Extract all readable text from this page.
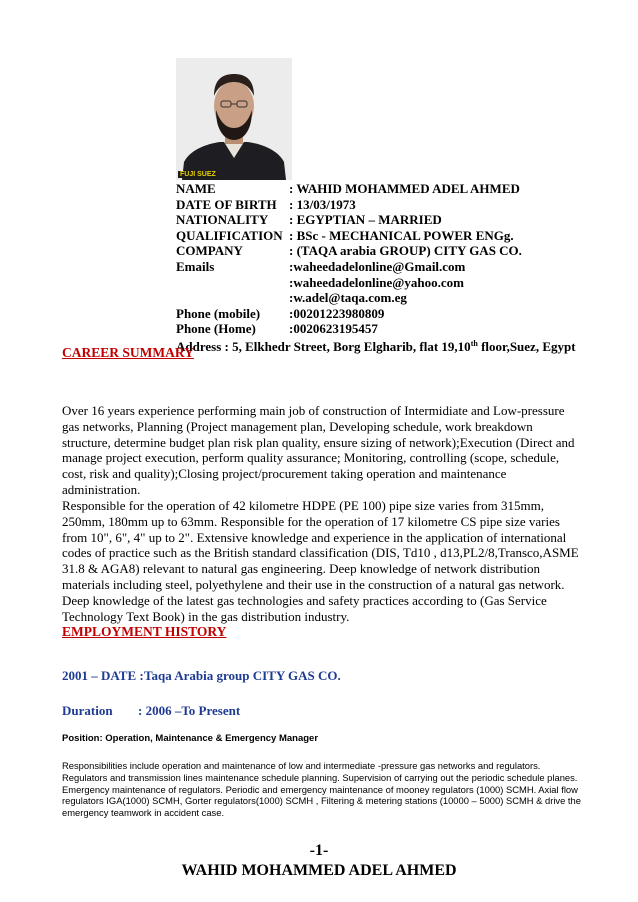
FUJI SUEZ
NAME	: WAHID MOHAMMED ADEL AHMED
DATE OF BIRTH : 13/03/1973
NATIONALITY	: EGYPTIAN – MARRIED
QUALIFICATION : BSc - MECHANICAL POWER ENGg.
COMPANY	: (TAQA arabia GROUP) CITY GAS CO.
Emails	:waheedadelonline@Gmail.com
:waheedadelonline@yahoo.com
:w.adel@taqa.com.eg
Phone (mobile)	:00201223980809
Phone (Home)	:0020623195457
Address : 5, Elkhedr Street, Borg Elgharib, flat 19,10th floor,Suez, Egypt
CAREER SUMMARY
Over 16 years experience performing main job of construction of Intermidiate and Low-pressure gas networks, Planning (Project management plan, Developing schedule, work breakdown structure, determine budget plan risk plan quality, ensure sizing of network);Execution (Direct and manage project execution, perform quality assurance; Monitoring, controlling (scope, schedule, cost, risk and quality);Closing project/procurement taking operation and maintenance administration.
Responsible for the operation of 42 kilometre HDPE (PE 100) pipe size varies from 315mm, 250mm, 180mm up to 63mm. Responsible for the operation of 17 kilometre CS pipe size varies from 10", 6", 4" up to 2". Extensive knowledge and experience in the application of international codes of practice such as the British standard classification (DIS, Td10 , d13,PL2/8,Transco,ASME 31.8 & AGA8) relevant to natural gas engineering. Deep knowledge of network distribution materials including steel, polyethylene and their use in the construction of a natural gas network. Deep knowledge of the latest gas technologies and safety practices according to (Gas Service Technology Text Book) in the gas distribution industry.
EMPLOYMENT HISTORY
2001 – DATE :Taqa Arabia group CITY GAS CO.
Duration : 2006 –To Present
Position: Operation, Maintenance & Emergency Manager
Responsibilities include operation and maintenance of low and intermediate -pressure gas networks and regulators. Regulators and transmission lines maintenance schedule planning. Supervision of carrying out the periodic schedule planes. Emergency maintenance of regulators. Periodic and emergency maintenance of mooney regulators (1000) SCMH. Axial flow regulators IGA(1000) SCMH, Gorter regulators(1000) SCMH , Filtering & metering stations (10000 – 5000) SCMH & drive the emergency teamwork in accident case.
-1-
WAHID MOHAMMED ADEL AHMED
